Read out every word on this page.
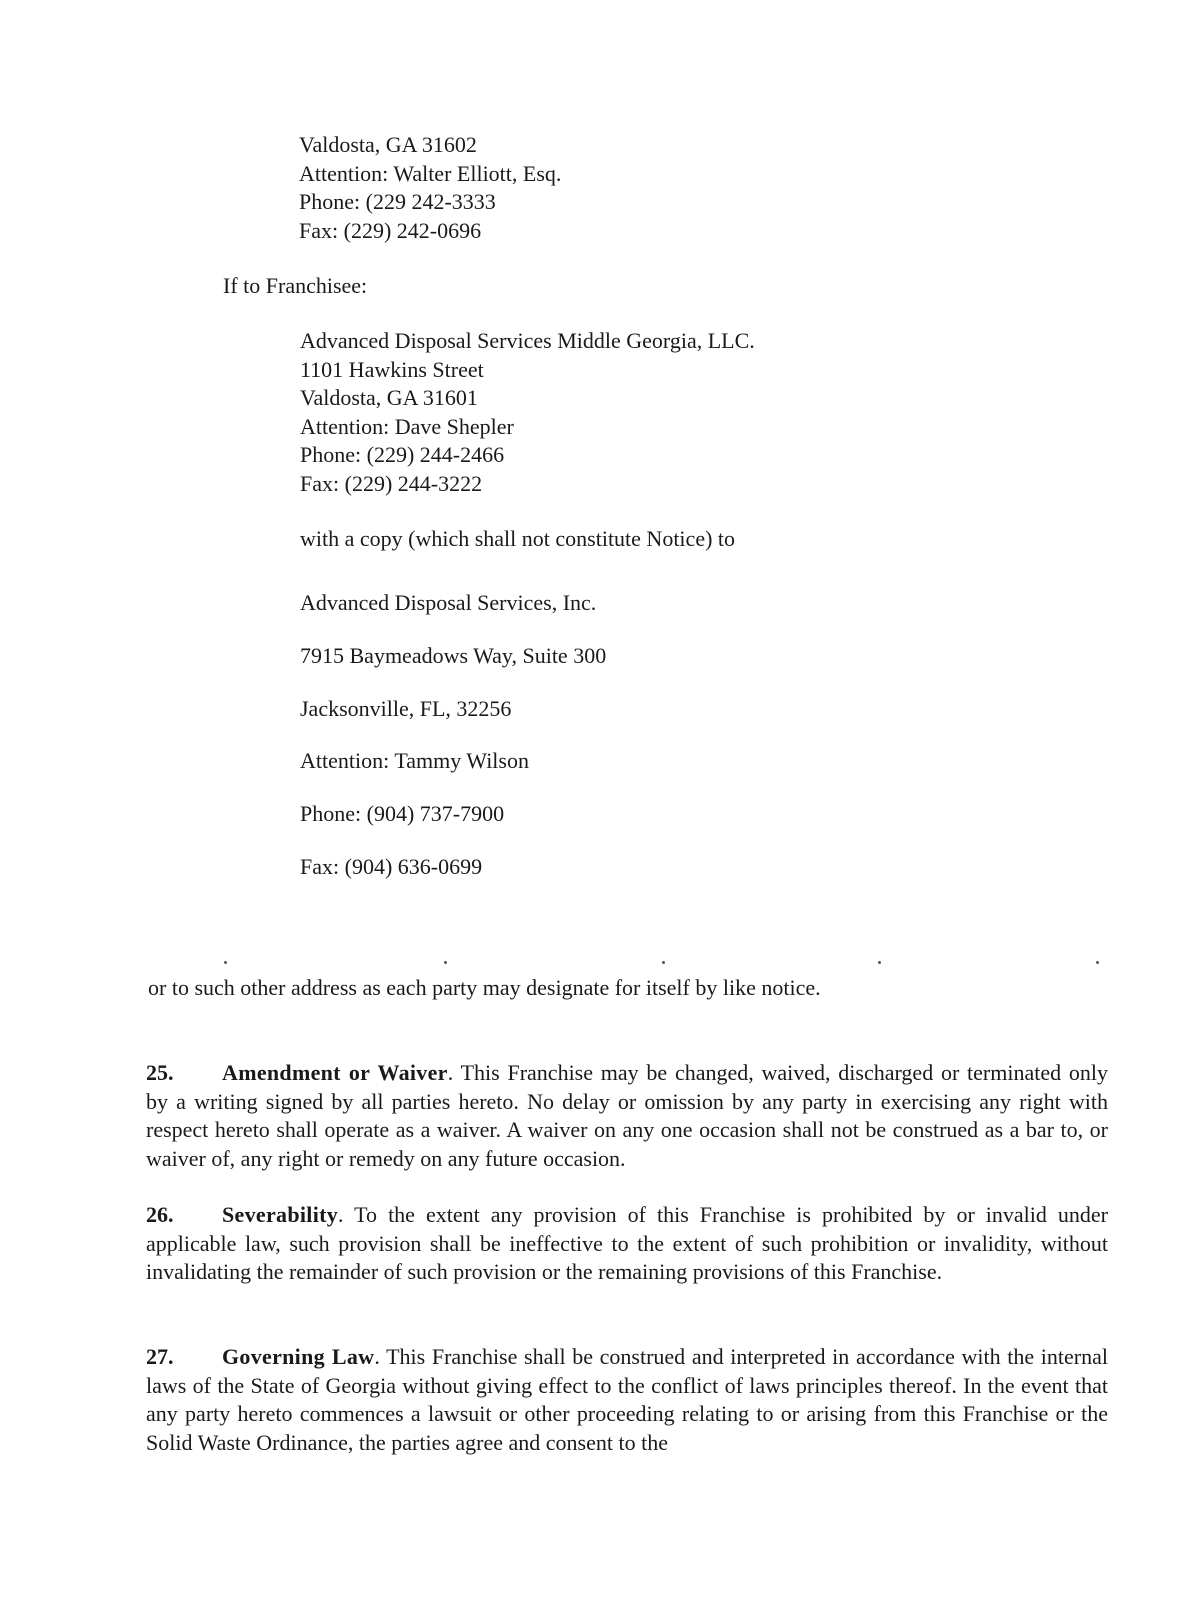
Valdosta, GA 31602
Attention: Walter Elliott, Esq.
Phone: (229 242-3333
Fax: (229) 242-0696
If to Franchisee:
Advanced Disposal Services Middle Georgia, LLC.
1101 Hawkins Street
Valdosta, GA 31601
Attention: Dave Shepler
Phone: (229) 244-2466
Fax: (229) 244-3222
with a copy (which shall not constitute Notice) to
Advanced Disposal Services, Inc.
7915 Baymeadows Way, Suite 300
Jacksonville, FL, 32256
Attention: Tammy Wilson
Phone: (904) 737-7900
Fax: (904) 636-0699
or to such other address as each party may designate for itself by like notice.
25. Amendment or Waiver. This Franchise may be changed, waived, discharged or terminated only by a writing signed by all parties hereto. No delay or omission by any party in exercising any right with respect hereto shall operate as a waiver. A waiver on any one occasion shall not be construed as a bar to, or waiver of, any right or remedy on any future occasion.
26. Severability. To the extent any provision of this Franchise is prohibited by or invalid under applicable law, such provision shall be ineffective to the extent of such prohibition or invalidity, without invalidating the remainder of such provision or the remaining provisions of this Franchise.
27. Governing Law. This Franchise shall be construed and interpreted in accordance with the internal laws of the State of Georgia without giving effect to the conflict of laws principles thereof. In the event that any party hereto commences a lawsuit or other proceeding relating to or arising from this Franchise or the Solid Waste Ordinance, the parties agree and consent to the
